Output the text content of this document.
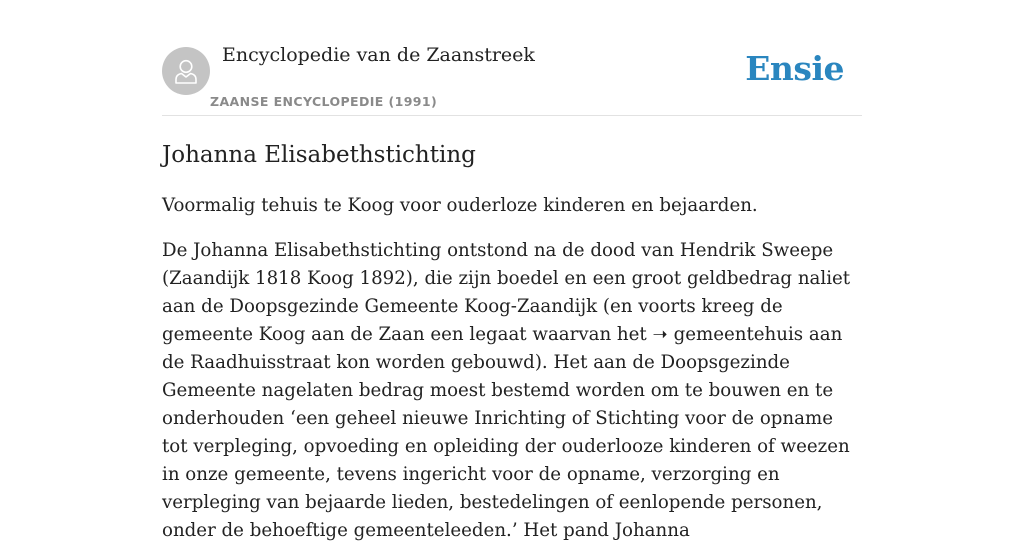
Encyclopedie van de Zaanstreek
ZAANSE ENCYCLOPEDIE (1991)
Ensie
Johanna Elisabethstichting

Voormalig tehuis te Koog voor ouderloze kinderen en bejaarden.

De Johanna Elisabethstichting ontstond na de dood van Hendrik Sweepe (Zaandijk 1818 Koog 1892), die zijn boedel en een groot geldbedrag naliet aan de Doopsgezinde Gemeente Koog-Zaandijk (en voorts kreeg de gemeente Koog aan de Zaan een legaat waarvan het ➝ gemeentehuis aan de Raadhuisstraat kon worden gebouwd). Het aan de Doopsgezinde Gemeente nagelaten bedrag moest bestemd worden om te bouwen en te onderhouden ‘een geheel nieuwe Inrichting of Stichting voor de opname tot verpleging, opvoeding en opleiding der ouderlooze kinderen of weezen in onze gemeente, tevens ingericht voor de opname, verzorging en verpleging van bejaarde lieden, bestedelingen of eenlopende personen, onder de behoeftige gemeenteleeden.’ Het pand Johanna
